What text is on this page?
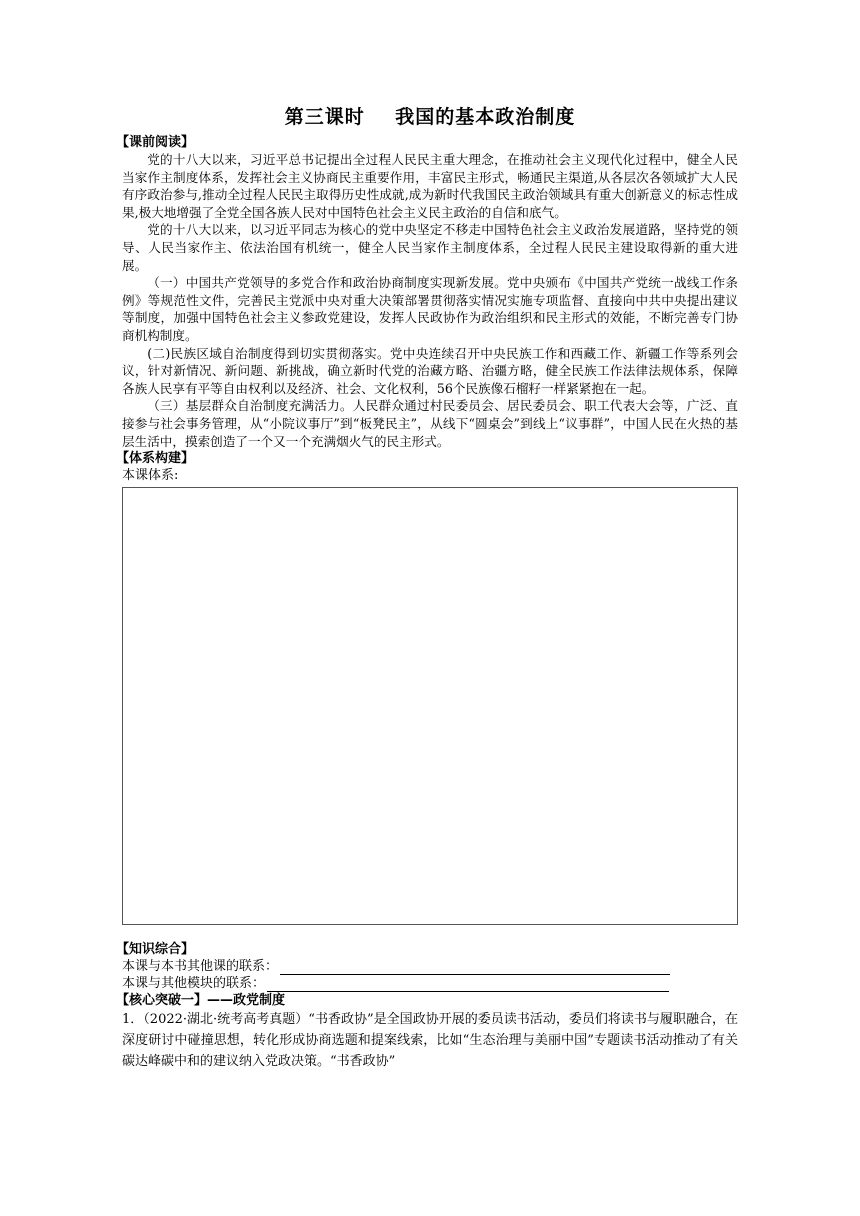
第三课时    我国的基本政治制度
【课前阅读】

党的十八大以来，习近平总书记提出全过程人民民主重大理念，在推动社会主义现代化过程中，健全人民当家作主制度体系，发挥社会主义协商民主重要作用，丰富民主形式，畅通民主渠道,从各层次各领域扩大人民有序政治参与,推动全过程人民民主取得历史性成就,成为新时代我国民主政治领域具有重大创新意义的标志性成果,极大地增强了全党全国各族人民对中国特色社会主义民主政治的自信和底气。

党的十八大以来，以习近平同志为核心的党中央坚定不移走中国特色社会主义政治发展道路，坚持党的领导、人民当家作主、依法治国有机统一，健全人民当家作主制度体系，全过程人民民主建设取得新的重大进展。

（一）中国共产党领导的多党合作和政治协商制度实现新发展。党中央颁布《中国共产党统一战线工作条例》等规范性文件，完善民主党派中央对重大决策部署贯彻落实情况实施专项监督、直接向中共中央提出建议等制度，加强中国特色社会主义参政党建设，发挥人民政协作为政治组织和民主形式的效能，不断完善专门协商机构制度。

(二)民族区域自治制度得到切实贯彻落实。党中央连续召开中央民族工作和西藏工作、新疆工作等系列会议，针对新情况、新问题、新挑战，确立新时代党的治藏方略、治疆方略，健全民族工作法律法规体系，保障各族人民享有平等自由权利以及经济、社会、文化权利，56个民族像石榴籽一样紧紧抱在一起。

（三）基层群众自治制度充满活力。人民群众通过村民委员会、居民委员会、职工代表大会等，广泛、直接参与社会事务管理，从“小院议事厅”到“板凳民主”，从线下“圆桌会”到线上“议事群”，中国人民在火热的基层生活中，摸索创造了一个又一个充满烟火气的民主形式。

【体系构建】
本课体系:
【知识综合】
本课与本书其他课的联系：
本课与其他模块的联系：
【核心突破一】——政党制度

1．（2022·湖北·统考高考真题）“书香政协”是全国政协开展的委员读书活动，委员们将读书与履职融合，在深度研讨中碰撞思想，转化形成协商选题和提案线索，比如“生态治理与美丽中国”专题读书活动推动了有关碳达峰碳中和的建议纳入党政决策。“书香政协”
